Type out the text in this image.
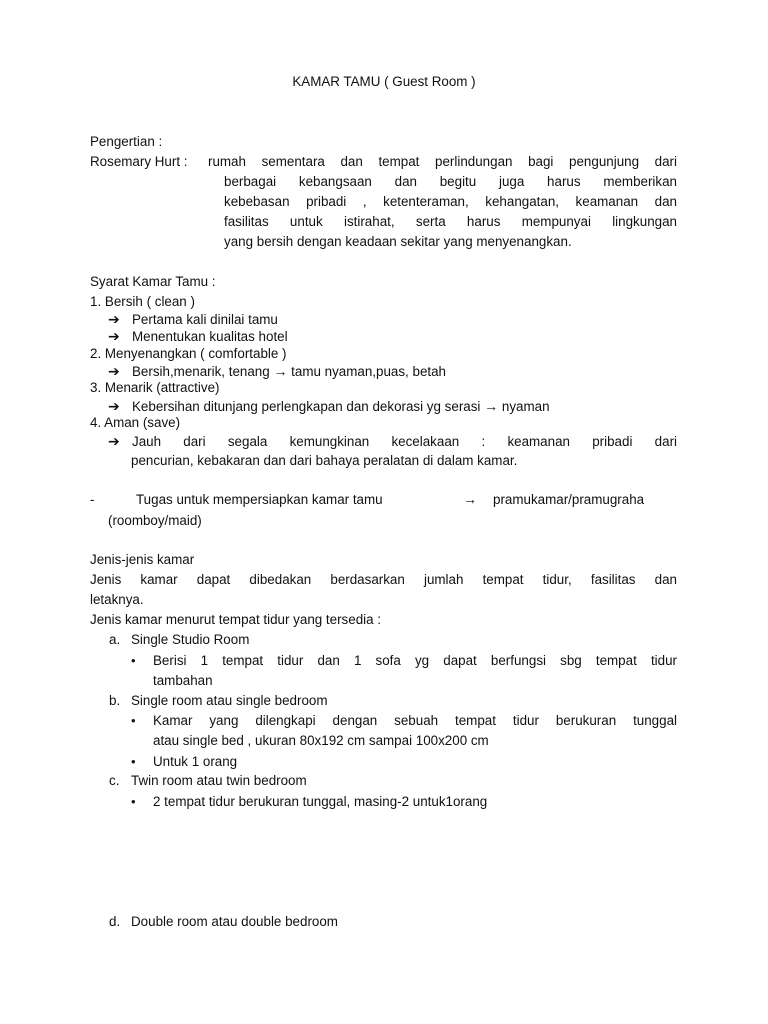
KAMAR TAMU ( Guest Room )

Pengertian :

Rosemary Hurt : rumah sementara dan tempat perlindungan bagi pengunjung dari

berbagai kebangsaan dan begitu juga harus memberikan

kebebasan pribadi , ketenteraman, kehangatan, keamanan dan

fasilitas untuk istirahat, serta harus mempunyai lingkungan

yang bersih dengan keadaan sekitar yang menyenangkan.

Syarat Kamar Tamu :

1. Bersih ( clean )

➔ Pertama kali dinilai tamu

➔ Menentukan kualitas hotel

2. Menyenangkan ( comfortable )

➔ Bersih,menarik, tenang → tamu nyaman,puas, betah

3. Menarik (attractive)

➔ Kebersihan ditunjang perlengkapan dan dekorasi yg serasi → nyaman

4. Aman (save)

➔ Jauh dari segala kemungkinan kecelakaan : keamanan pribadi dari

pencurian, kebakaran dan dari bahaya peralatan di dalam kamar.

-	Tugas untuk mempersiapkan kamar tamu	→ pramukamar/pramugraha

(roomboy/maid)

Jenis-jenis kamar

Jenis kamar dapat dibedakan berdasarkan jumlah tempat tidur, fasilitas dan

letaknya.

Jenis kamar menurut tempat tidur yang tersedia :

a. Single Studio Room

• Berisi 1 tempat tidur dan 1 sofa yg dapat berfungsi sbg tempat tidur

tambahan

b. Single room atau single bedroom

• Kamar yang dilengkapi dengan sebuah tempat tidur berukuran tunggal

atau single bed , ukuran 80x192 cm sampai 100x200 cm

• Untuk 1 orang

c. Twin room atau twin bedroom

• 2 tempat tidur berukuran tunggal, masing-2 untuk1orang

d. Double room atau double bedroom
